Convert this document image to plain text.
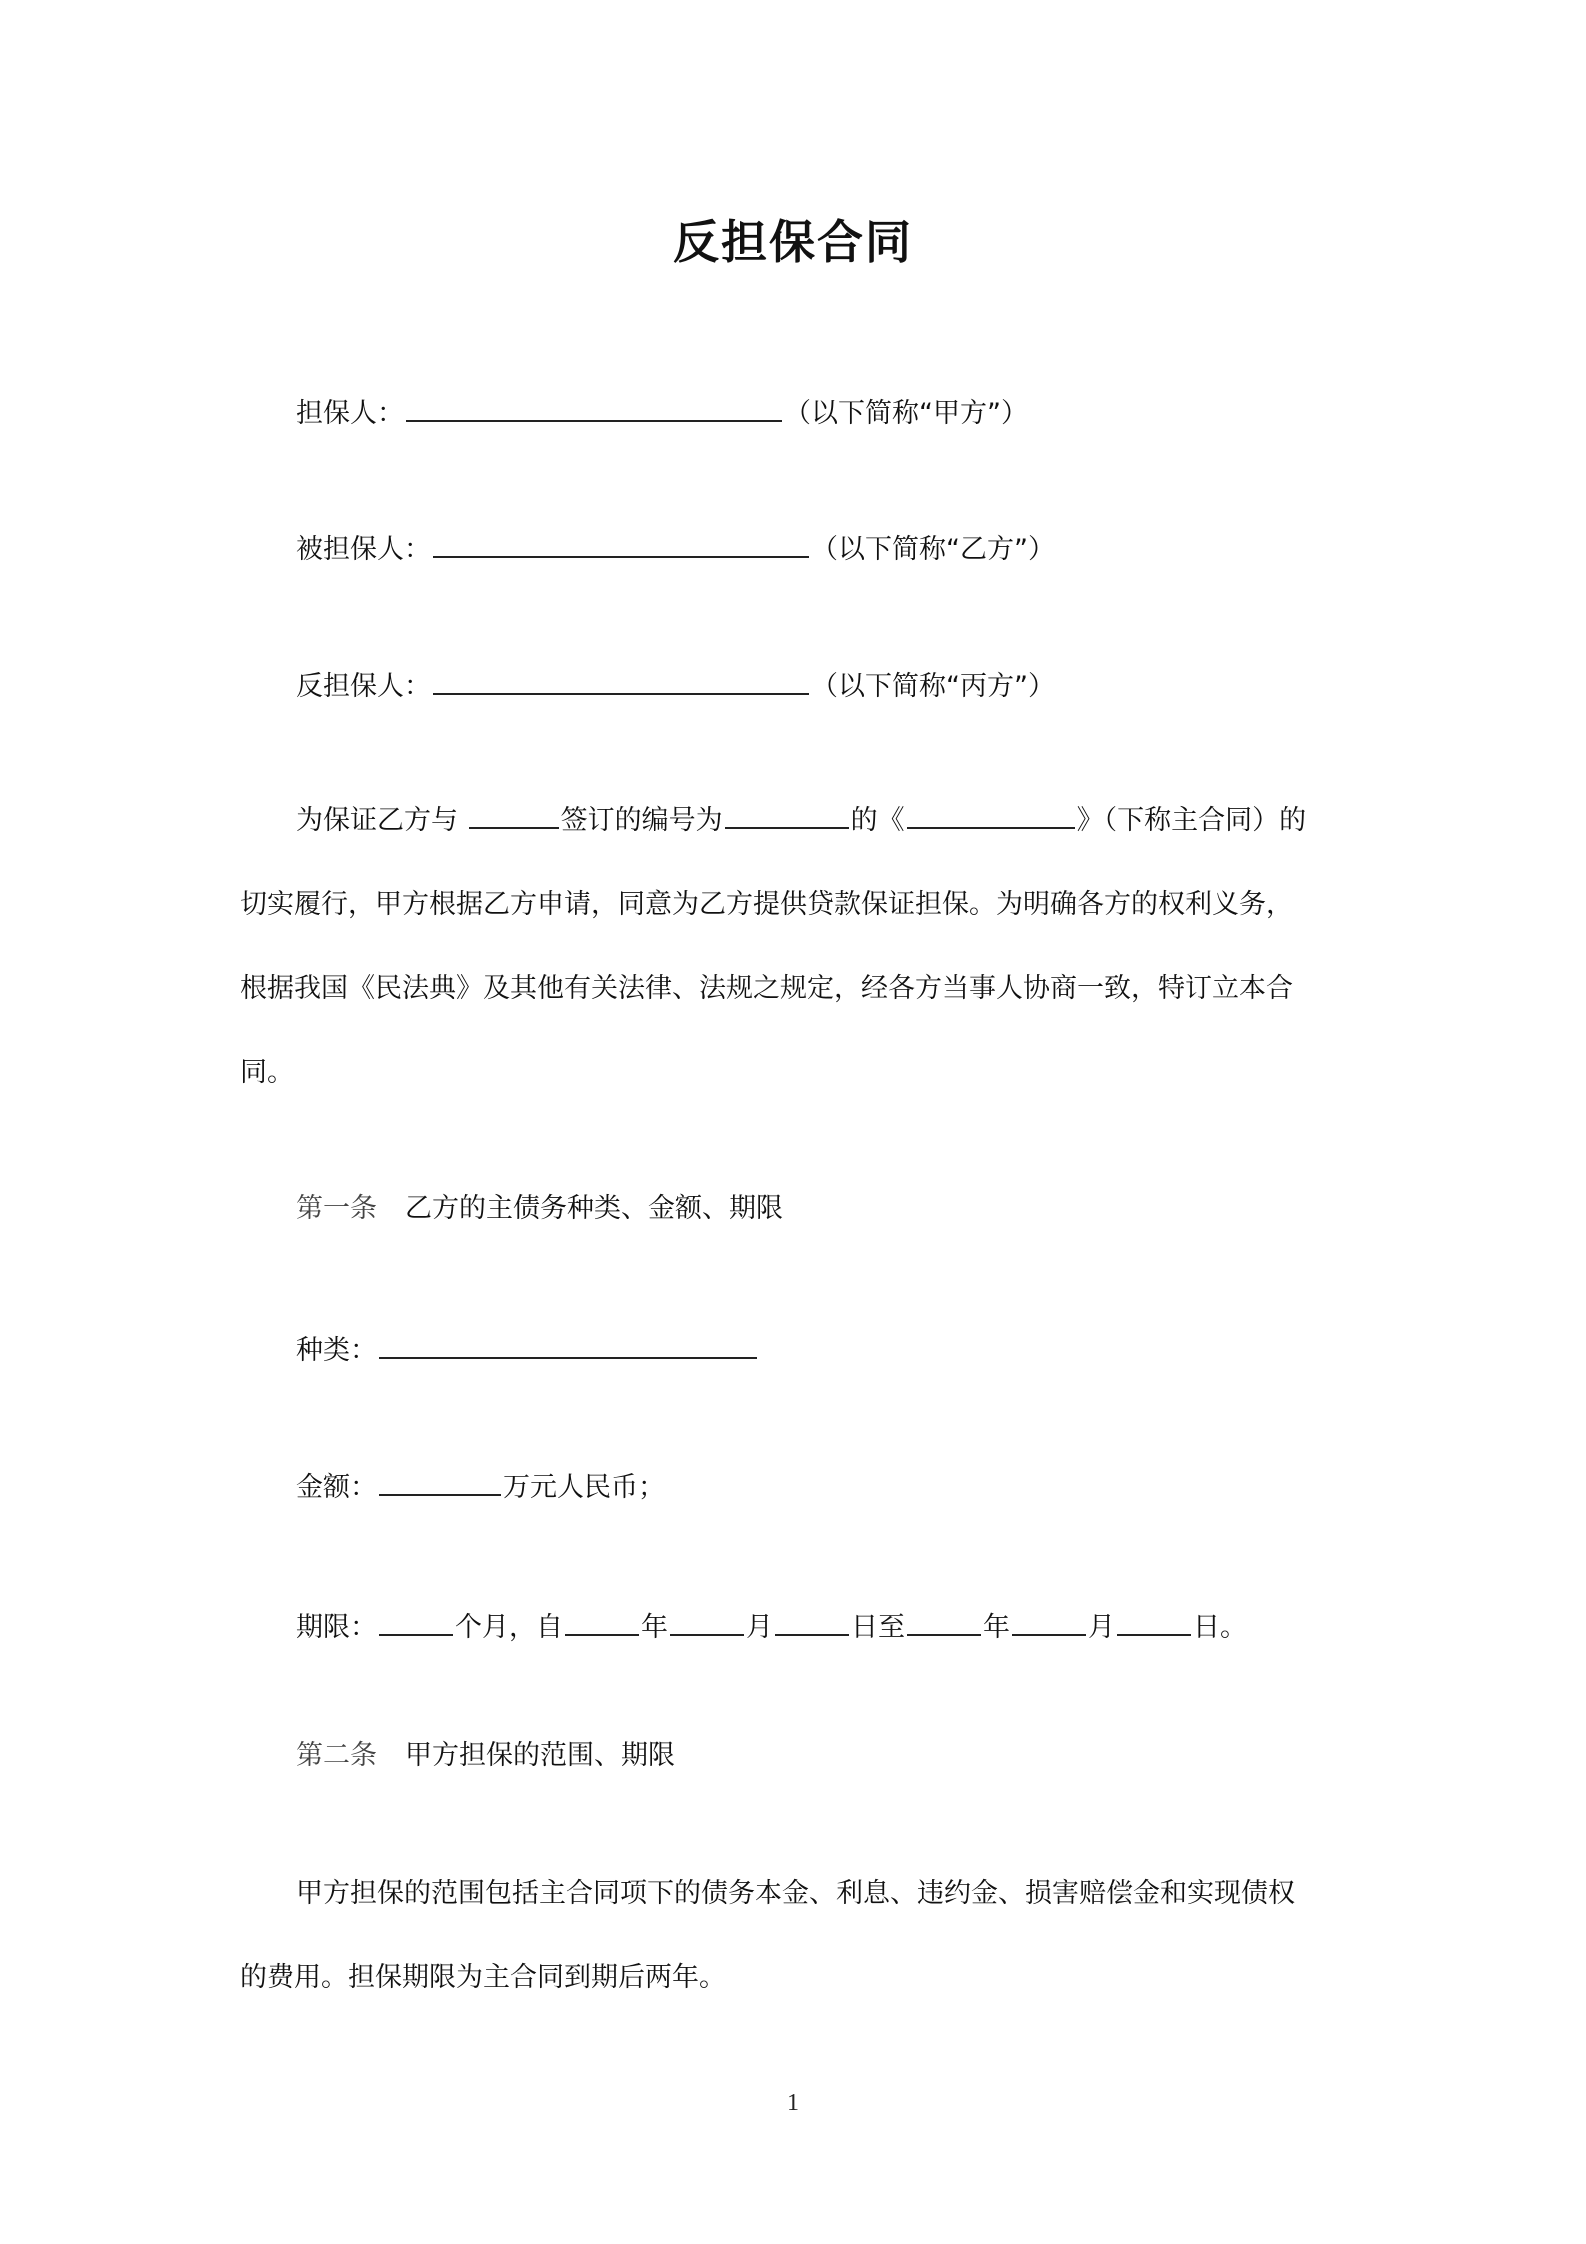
反担保合同
担保人：	（以下简称“甲方”）
被担保人：	（以下简称“乙方”）
反担保人：	（以下简称“丙方”）
为保证乙方与	签订的编号为	的《	》（下称主合同）的
切实履行，甲方根据乙方申请，同意为乙方提供贷款保证担保。为明确各方的权利义务，
根据我国《民法典》及其他有关法律、法规之规定，经各方当事人协商一致，特订立本合
同。
第一条 乙方的主债务种类、金额、期限
种类：
金额：	万元人民币；
期限：	个月，自	年	月	日至	年	月	日。
第二条 甲方担保的范围、期限
甲方担保的范围包括主合同项下的债务本金、利息、违约金、损害赔偿金和实现债权
的费用。担保期限为主合同到期后两年。
1
